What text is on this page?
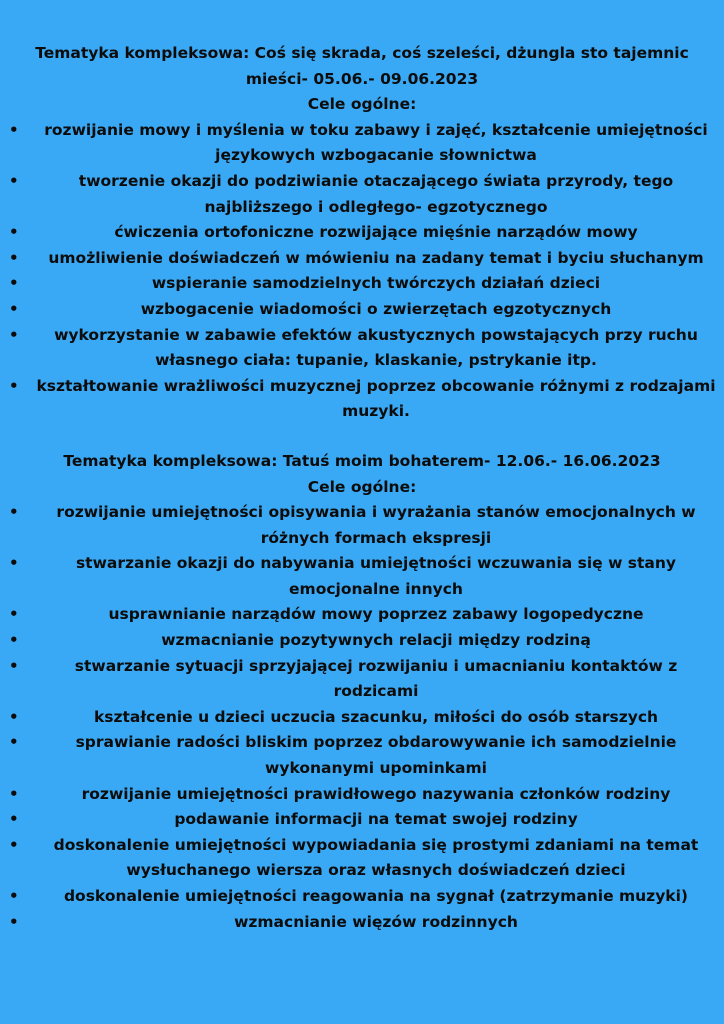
Tematyka kompleksowa: Coś się skrada, coś szeleści, dżungla sto tajemnic mieści- 05.06.- 09.06.2023

Cele ogólne:

•	rozwijanie mowy i myślenia w toku zabawy i zajęć, kształcenie umiejętności językowych wzbogacanie słownictwa
•	tworzenie okazji do podziwianie otaczającego świata przyrody, tego najbliższego i odległego- egzotycznego
•	ćwiczenia ortofoniczne rozwijające mięśnie narządów mowy
•	umożliwienie doświadczeń w mówieniu na zadany temat i byciu słuchanym
•	wspieranie samodzielnych twórczych działań dzieci
•	wzbogacenie wiadomości o zwierzętach egzotycznych
•	wykorzystanie w zabawie efektów akustycznych powstających przy ruchu własnego ciała: tupanie, klaskanie, pstrykanie itp.
• kształtowanie wrażliwości muzycznej poprzez obcowanie różnymi z rodzajami muzyki.

Tematyka kompleksowa: Tatuś moim bohaterem- 12.06.- 16.06.2023

Cele ogólne:

•	rozwijanie umiejętności opisywania i wyrażania stanów emocjonalnych w różnych formach ekspresji
•	stwarzanie okazji do nabywania umiejętności wczuwania się w stany emocjonalne innych
•	usprawnianie narządów mowy poprzez zabawy logopedyczne
•	wzmacnianie pozytywnych relacji między rodziną
•	stwarzanie sytuacji sprzyjającej rozwijaniu i umacnianiu kontaktów z rodzicami
•	kształcenie u dzieci uczucia szacunku, miłości do osób starszych
•	sprawianie radości bliskim poprzez obdarowywanie ich samodzielnie wykonanymi upominkami
•	rozwijanie umiejętności prawidłowego nazywania członków rodziny
•	podawanie informacji na temat swojej rodziny
•	doskonalenie umiejętności wypowiadania się prostymi zdaniami na temat wysłuchanego wiersza oraz własnych doświadczeń dzieci
•	doskonalenie umiejętności reagowania na sygnał (zatrzymanie muzyki)
•	wzmacnianie więzów rodzinnych
